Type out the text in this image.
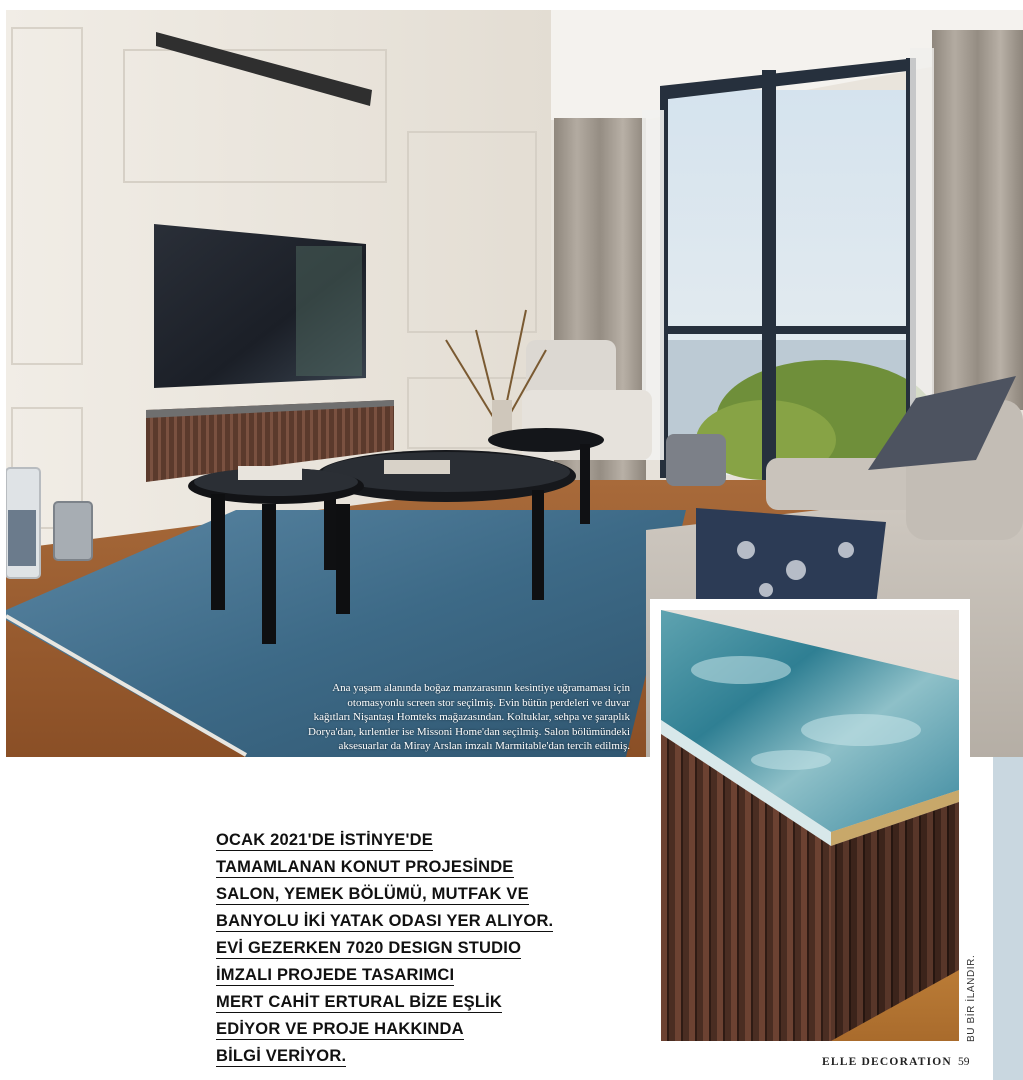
Ana yaşam alanında boğaz manzarasının kesintiye uğramaması için
otomasyonlu screen stor seçilmiş. Evin bütün perdeleri ve duvar
kağıtları Nişantaşı Homteks mağazasından. Koltuklar, sehpa ve şaraplık
Dorya'dan, kırlentler ise Missoni Home'dan seçilmiş. Salon bölümündeki
aksesuarlar da Miray Arslan imzalı Marmitable'dan tercih edilmiş.
OCAK 2021'DE İSTİNYE'DE
TAMAMLANAN KONUT PROJESİNDE
SALON, YEMEK BÖLÜMÜ, MUTFAK VE
BANYOLU İKİ YATAK ODASI YER ALIYOR.
EVİ GEZERKEN 7020 DESIGN STUDIO
İMZALI PROJEDE TASARIMCI
MERT CAHİT ERTURAL BİZE EŞLİK
EDİYOR VE PROJE HAKKINDA
BİLGİ VERİYOR.
BU BİR İLANDIR.
ELLE DECORATION 59
